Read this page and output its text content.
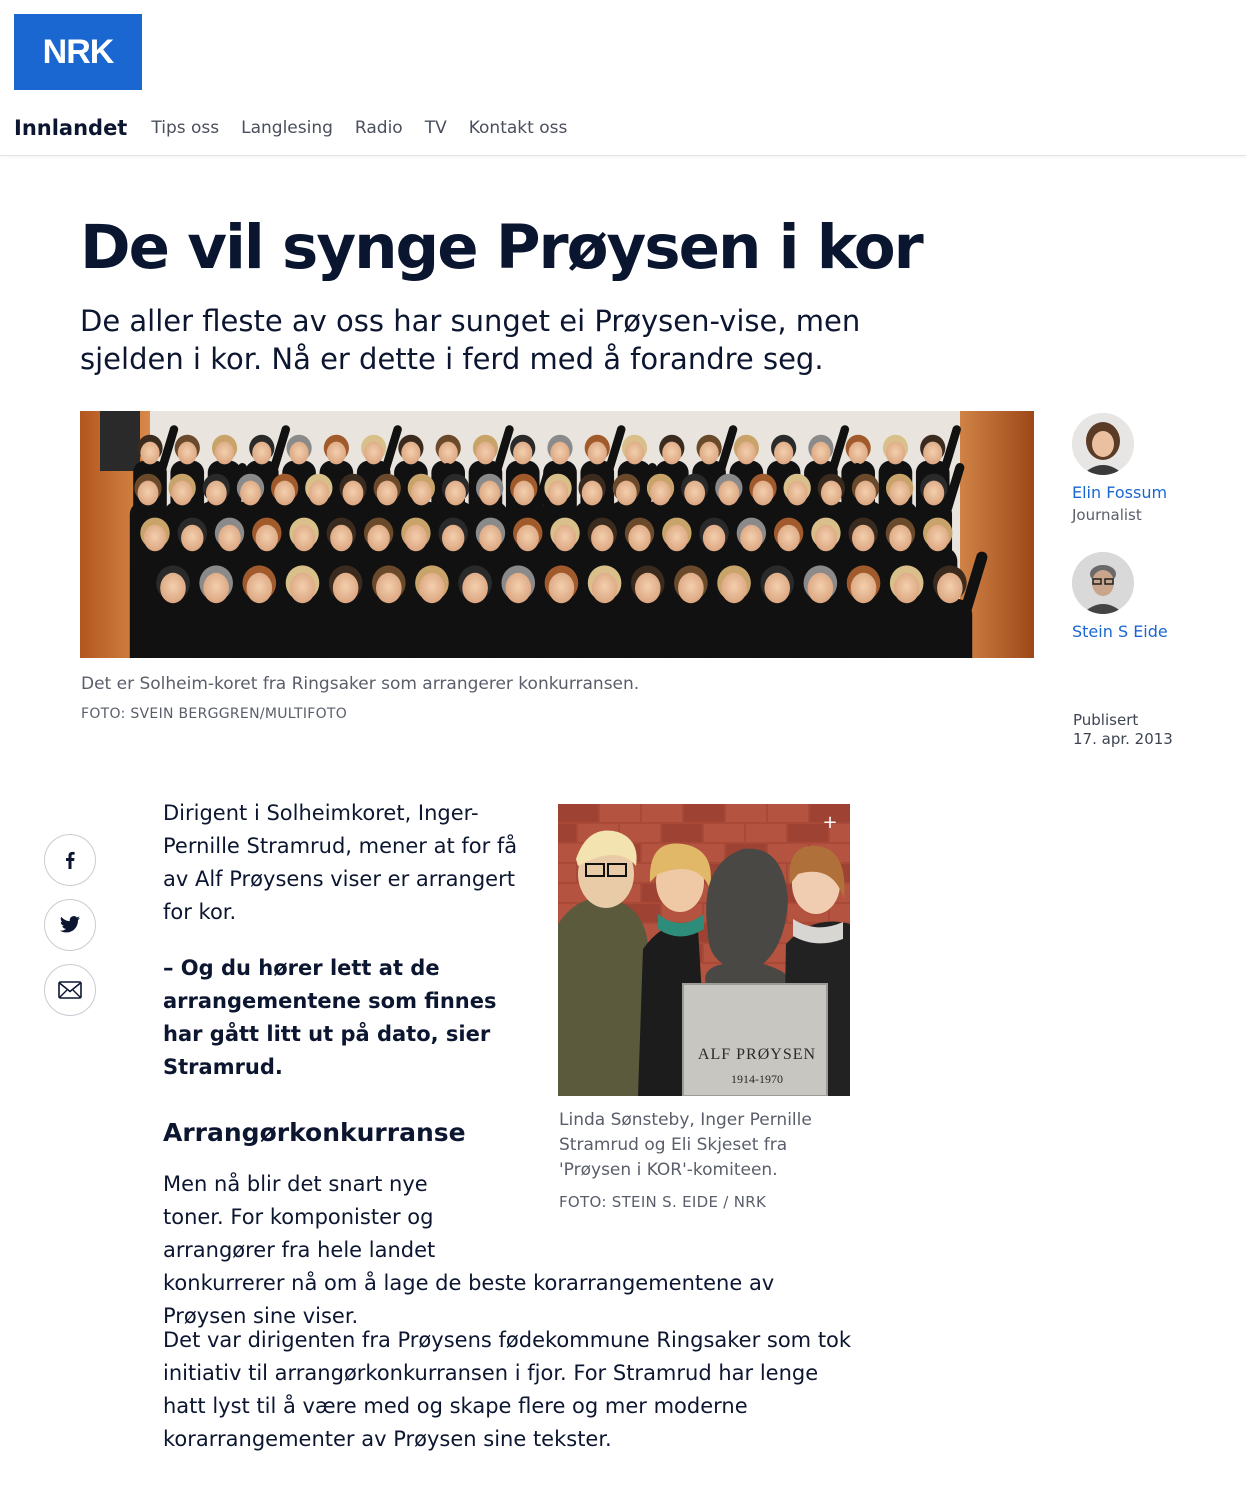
NRK
Innlandet Tips oss Langlesing Radio TV Kontakt oss
De vil synge Prøysen i kor

De aller fleste av oss har sunget ei Prøysen-vise, men sjelden i kor. Nå er dette i ferd med å forandre seg.

Det er Solheim-koret fra Ringsaker som arrangerer konkurransen.
FOTO: SVEIN BERGGREN/MULTIFOTO
Elin Fossum
Journalist
Stein S Eide
Publisert
17. apr. 2013

Dirigent i Solheimkoret, Inger-Pernille Stramrud, mener at for få av Alf Prøysens viser er arrangert for kor.

– Og du hører lett at de arrangementene som finnes har gått litt ut på dato, sier Stramrud.

Arrangørkonkurranse
ALF PRØYSEN
1914-1970
+
Linda Sønsteby, Inger Pernille Stramrud og Eli Skjeset fra 'Prøysen i KOR'-komiteen.
FOTO: STEIN S. EIDE / NRK

Men nå blir det snart nye
toner. For komponister og
arrangører fra hele landet
konkurrerer nå om å lage de beste korarrangementene av Prøysen sine viser.

Det var dirigenten fra Prøysens fødekommune Ringsaker som tok initiativ til arrangørkonkurransen i fjor. For Stramrud har lenge hatt lyst til å være med og skape flere og mer moderne korarrangementer av Prøysen sine tekster.
